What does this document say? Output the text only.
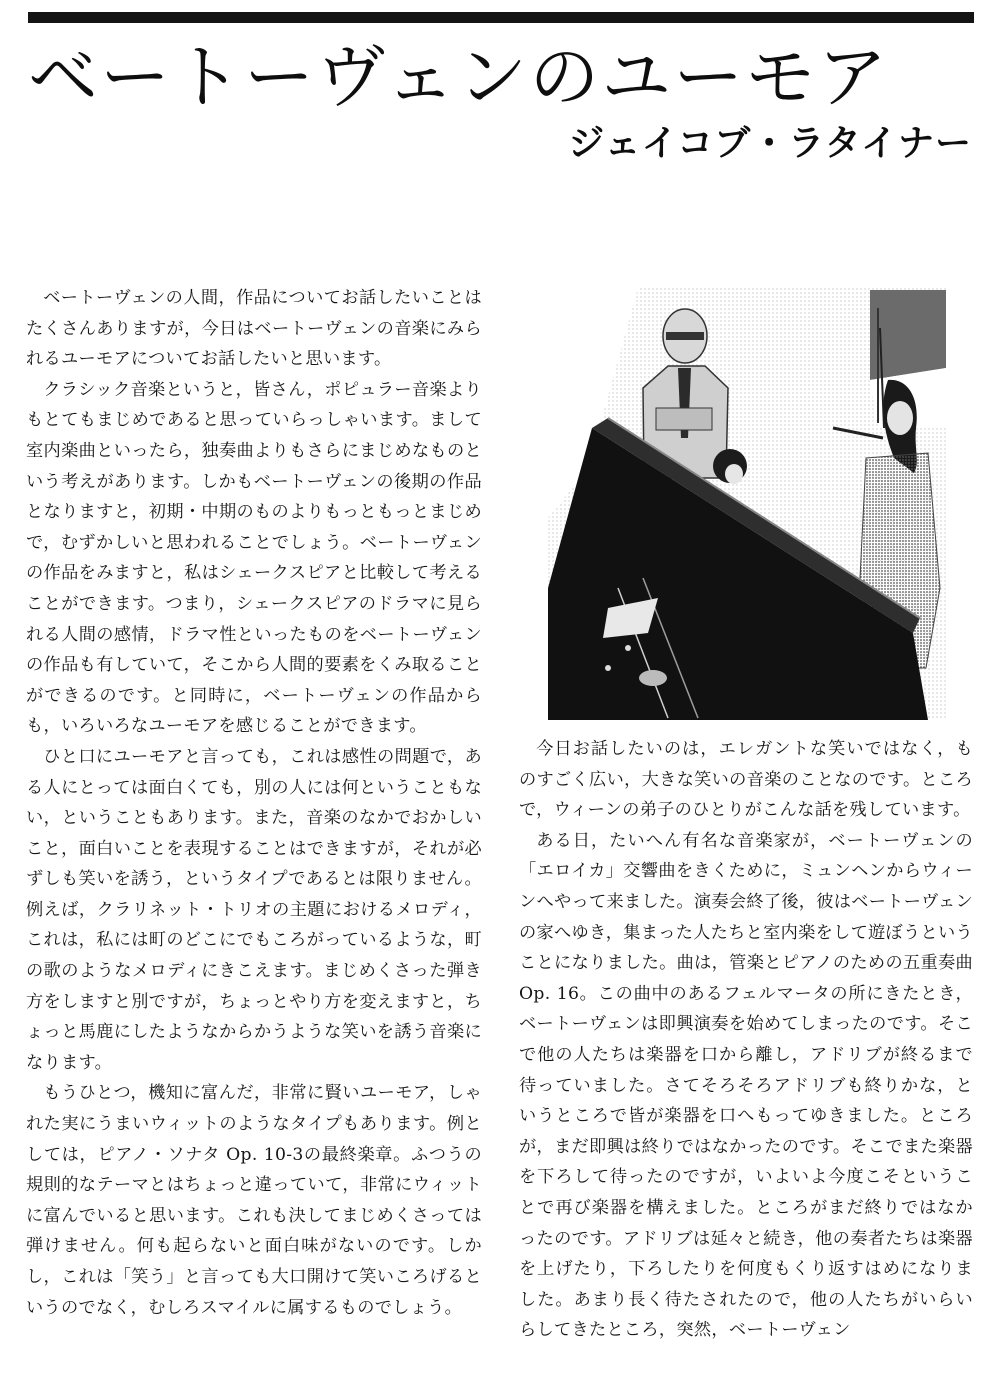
ベートーヴェンのユーモア
ジェイコブ・ラタイナー

ベートーヴェンの人間，作品についてお話したいことはたくさんありますが，今日はベートーヴェンの音楽にみられるユーモアについてお話したいと思います。

クラシック音楽というと，皆さん，ポピュラー音楽よりもとてもまじめであると思っていらっしゃいます。まして室内楽曲といったら，独奏曲よりもさらにまじめなものという考えがあります。しかもベートーヴェンの後期の作品となりますと，初期・中期のものよりもっともっとまじめで，むずかしいと思われることでしょう。ベートーヴェンの作品をみますと，私はシェークスピアと比較して考えることができます。つまり，シェークスピアのドラマに見られる人間の感情，ドラマ性といったものをベートーヴェンの作品も有していて，そこから人間的要素をくみ取ることができるのです。と同時に，ベートーヴェンの作品からも，いろいろなユーモアを感じることができます。

ひと口にユーモアと言っても，これは感性の問題で，ある人にとっては面白くても，別の人には何ということもない，ということもあります。また，音楽のなかでおかしいこと，面白いことを表現することはできますが，それが必ずしも笑いを誘う，というタイプであるとは限りません。例えば，クラリネット・トリオの主題におけるメロディ，これは，私には町のどこにでもころがっているような，町の歌のようなメロディにきこえます。まじめくさった弾き方をしますと別ですが，ちょっとやり方を変えますと，ちょっと馬鹿にしたようなからかうような笑いを誘う音楽になります。

もうひとつ，機知に富んだ，非常に賢いユーモア，しゃれた実にうまいウィットのようなタイプもあります。例としては，ピアノ・ソナタ Op. 10-3の最終楽章。ふつうの規則的なテーマとはちょっと違っていて，非常にウィットに富んでいると思います。これも決してまじめくさっては弾けません。何も起らないと面白味がないのです。しかし，これは「笑う」と言っても大口開けて笑いころげるというのでなく，むしろスマイルに属するものでしょう。

今日お話したいのは，エレガントな笑いではなく，ものすごく広い，大きな笑いの音楽のことなのです。ところで，ウィーンの弟子のひとりがこんな話を残しています。

ある日，たいへん有名な音楽家が，ベートーヴェンの「エロイカ」交響曲をきくために，ミュンヘンからウィーンへやって来ました。演奏会終了後，彼はベートーヴェンの家へゆき，集まった人たちと室内楽をして遊ぼうということになりました。曲は，管楽とピアノのための五重奏曲 Op. 16。この曲中のあるフェルマータの所にきたとき，ベートーヴェンは即興演奏を始めてしまったのです。そこで他の人たちは楽器を口から離し，アドリブが終るまで待っていました。さてそろそろアドリブも終りかな，というところで皆が楽器を口へもってゆきました。ところが，まだ即興は終りではなかったのです。そこでまた楽器を下ろして待ったのですが，いよいよ今度こそということで再び楽器を構えました。ところがまだ終りではなかったのです。アドリブは延々と続き，他の奏者たちは楽器を上げたり，下ろしたりを何度もくり返すはめになりました。あまり長く待たされたので，他の人たちがいらいらしてきたところ，突然，ベートーヴェン
